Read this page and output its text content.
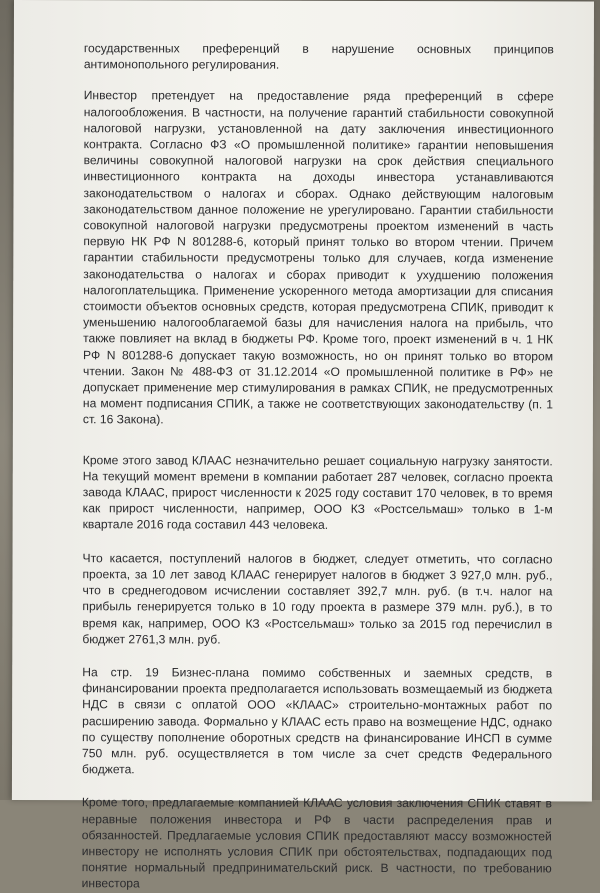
государственных преференций в нарушение основных принципов антимонопольного регулирования.

Инвестор претендует на предоставление ряда преференций в сфере налогообложения. В частности, на получение гарантий стабильности совокупной налоговой нагрузки, установленной на дату заключения инвестиционного контракта. Согласно ФЗ «О промышленной политике» гарантии неповышения величины совокупной налоговой нагрузки на срок действия специального инвестиционного контракта на доходы инвестора устанавливаются законодательством о налогах и сборах. Однако действующим налоговым законодательством данное положение не урегулировано. Гарантии стабильности совокупной налоговой нагрузки предусмотрены проектом изменений в часть первую НК РФ N 801288-6, который принят только во втором чтении. Причем гарантии стабильности предусмотрены только для случаев, когда изменение законодательства о налогах и сборах приводит к ухудшению положения налогоплательщика. Применение ускоренного метода амортизации для списания стоимости объектов основных средств, которая предусмотрена СПИК, приводит к уменьшению налогооблагаемой базы для начисления налога на прибыль, что также повлияет на вклад в бюджеты РФ. Кроме того, проект изменений в ч. 1 НК РФ N 801288-6 допускает такую возможность, но он принят только во втором чтении. Закон № 488-ФЗ от 31.12.2014 «О промышленной политике в РФ» не допускает применение мер стимулирования в рамках СПИК, не предусмотренных на момент подписания СПИК, а также не соответствующих законодательству (п. 1 ст. 16 Закона).

Кроме этого завод КЛААС незначительно решает социальную нагрузку занятости. На текущий момент времени в компании работает 287 человек, согласно проекта завода КЛААС, прирост численности к 2025 году составит 170 человек, в то время как прирост численности, например, ООО КЗ «Ростсельмаш» только в 1-м квартале 2016 года составил 443 человека.

Что касается, поступлений налогов в бюджет, следует отметить, что согласно проекта, за 10 лет завод КЛААС генерирует налогов в бюджет 3 927,0 млн. руб., что в среднегодовом исчислении составляет 392,7 млн. руб. (в т.ч. налог на прибыль генерируется только в 10 году проекта в размере 379 млн. руб.), в то время как, например, ООО КЗ «Ростсельмаш» только за 2015 год перечислил в бюджет 2761,3 млн. руб.

На стр. 19 Бизнес-плана помимо собственных и заемных средств, в финансировании проекта предполагается использовать возмещаемый из бюджета НДС в связи с оплатой ООО «КЛААС» строительно-монтажных работ по расширению завода. Формально у КЛААС есть право на возмещение НДС, однако по существу пополнение оборотных средств на финансирование ИНСП в сумме 750 млн. руб. осуществляется в том числе за счет средств Федерального бюджета.

Кроме того, предлагаемые компанией КЛААС условия заключения СПИК ставят в неравные положения инвестора и РФ в части распределения прав и обязанностей. Предлагаемые условия СПИК предоставляют массу возможностей инвестору не исполнять условия СПИК при обстоятельствах, подпадающих под понятие нормальный предпринимательский риск. В частности, по требованию инвестора
